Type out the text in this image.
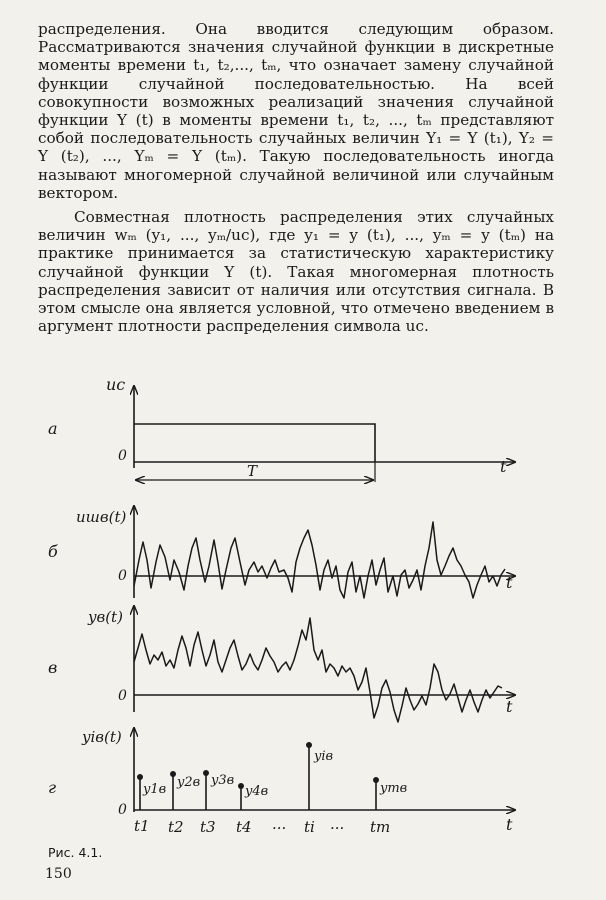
распределения. Она вводится следующим образом. Рассматриваются значения случайной функции в дискретные моменты времени t₁, t₂,..., tₘ, что означает замену случайной функции случайной последовательностью. На всей совокупности возможных реализаций значения случайной функции Y (t) в моменты времени t₁, t₂, ..., tₘ представляют собой последовательность случайных величин Y₁ = Y (t₁), Y₂ = Y (t₂), ..., Yₘ = Y (tₘ). Такую последовательность иногда называют многомерной случайной величиной или случайным вектором.

Совместная плотность распределения этих случайных величин wₘ (y₁, ..., yₘ/uс), где y₁ = y (t₁), ..., yₘ = y (tₘ) на практике принимается за статистическую характеристику случайной функции Y (t). Такая многомерная плотность распределения зависит от наличия или отсутствия сигнала. В этом смысле она является условной, что отмечено введением в аргумент плотности распределения символа uс.

а
uс
0
t
T
б
uшв(t)
0	t
в
yв(t)
0
t
г
yiв(t)
0
t
y1в y2в y3в
y4в
yiв
ymв
t1 t2 t3 t4 ... ti ... tm
Рис. 4.1.
150
